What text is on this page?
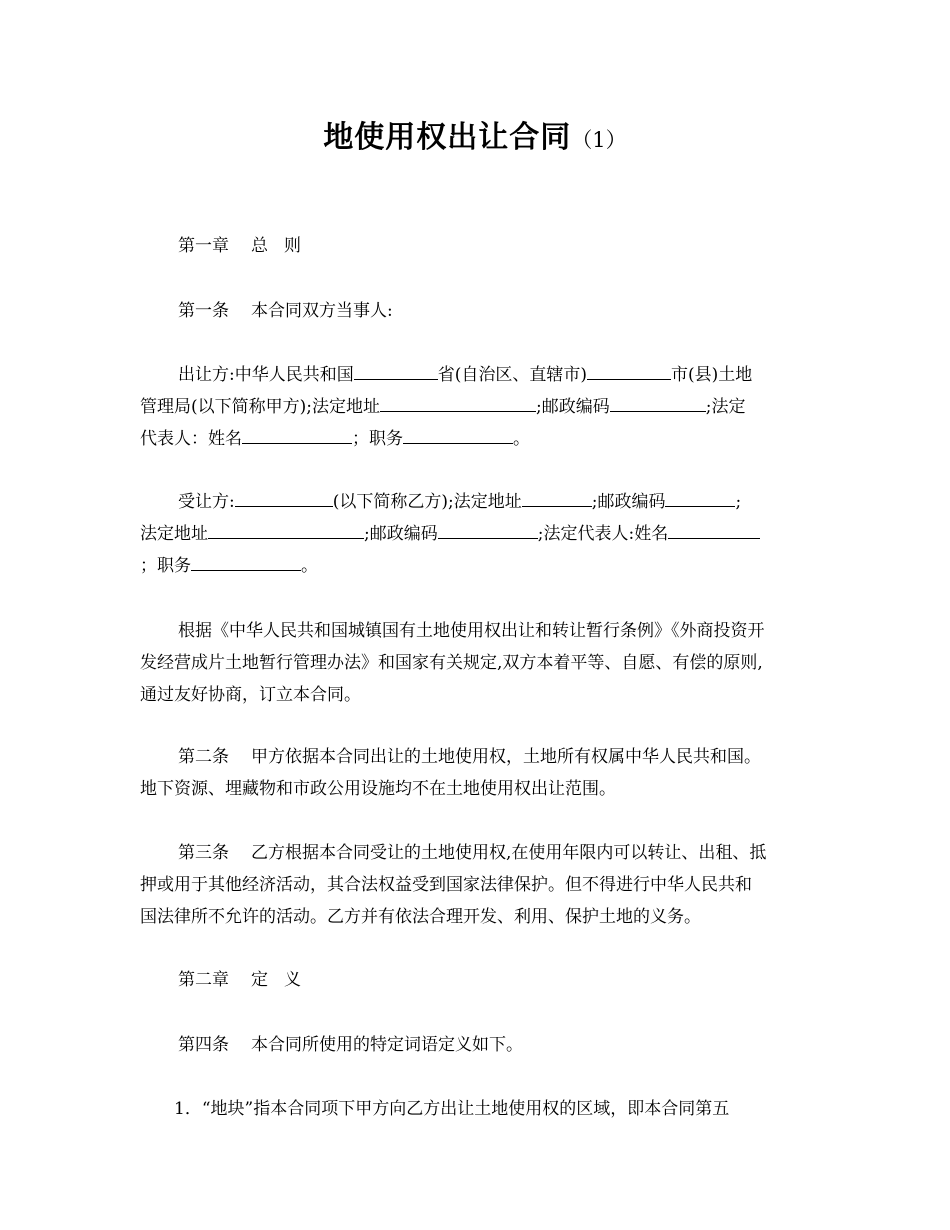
地使用权出让合同（1）
第一章 总 则
第一条 本合同双方当事人:
出让方:中华人民共和国	省(自治区、直辖市)	市(县)土地
管理局(以下简称甲方);法定地址	;邮政编码	;法定
代表人：姓名	；职务	。
受让方:	(以下简称乙方);法定地址	;邮政编码	;
法定地址	;邮政编码	;法定代表人:姓名
；职务	。
根据《中华人民共和国城镇国有土地使用权出让和转让暂行条例》《外商投资开
发经营成片土地暂行管理办法》和国家有关规定,双方本着平等、自愿、有偿的原则,
通过友好协商，订立本合同。
第二条 甲方依据本合同出让的土地使用权，土地所有权属中华人民共和国。
地下资源、埋藏物和市政公用设施均不在土地使用权出让范围。
第三条 乙方根据本合同受让的土地使用权,在使用年限内可以转让、出租、抵
押或用于其他经济活动，其合法权益受到国家法律保护。但不得进行中华人民共和
国法律所不允许的活动。乙方并有依法合理开发、利用、保护土地的义务。
第二章 定 义
第四条 本合同所使用的特定词语定义如下。
1．“地块”指本合同项下甲方向乙方出让土地使用权的区域，即本合同第五
